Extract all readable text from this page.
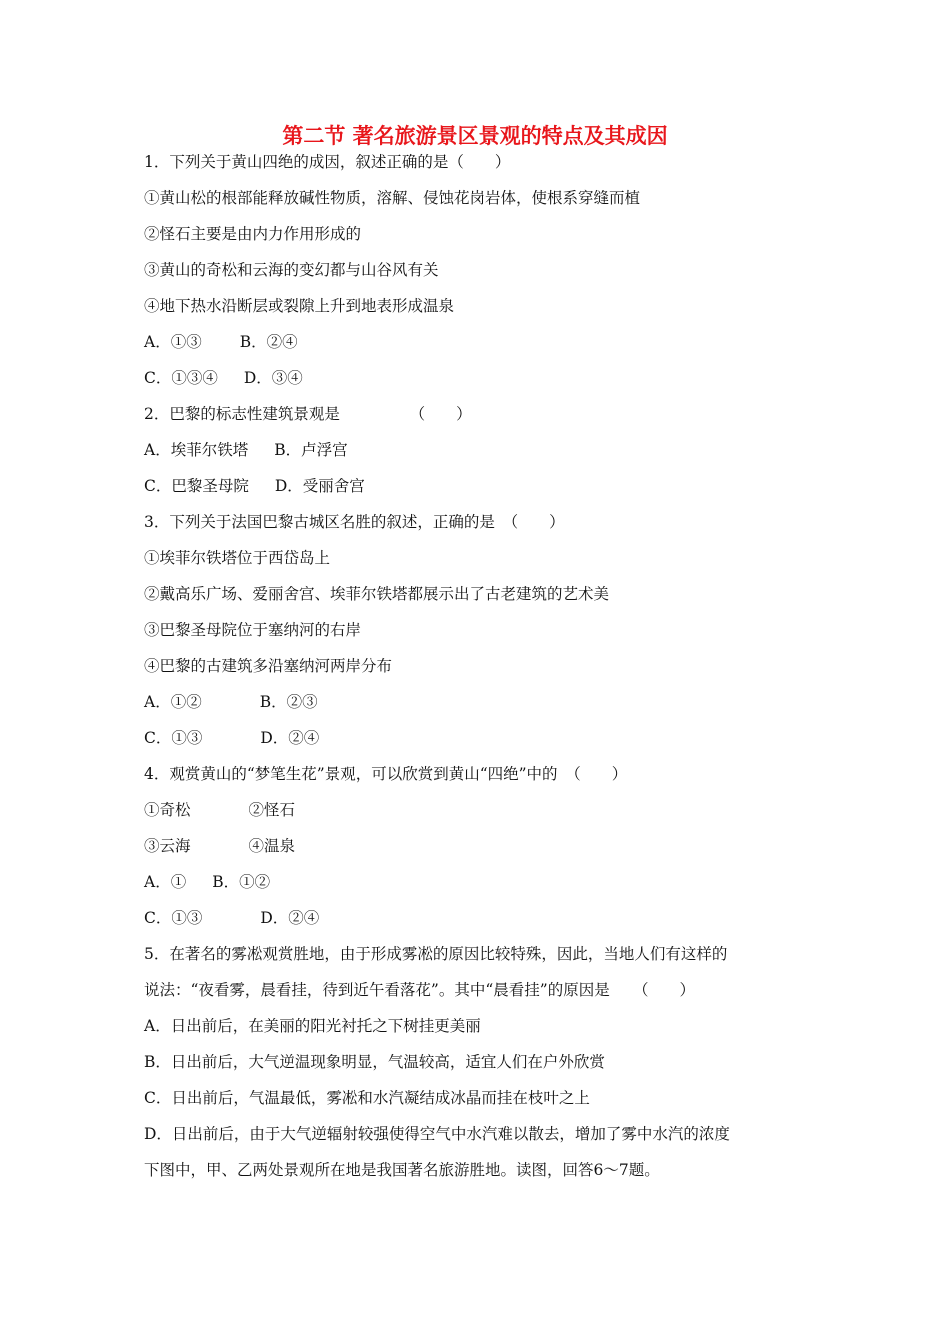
第二节 著名旅游景区景观的特点及其成因
1．下列关于黄山四绝的成因，叙述正确的是（　　）
①黄山松的根部能释放碱性物质，溶解、侵蚀花岗岩体，使根系穿缝而植
②怪石主要是由内力作用形成的
③黄山的奇松和云海的变幻都与山谷风有关
④地下热水沿断层或裂隙上升到地表形成温泉
A．①③ B．②④
C．①③④ D．③④
2．巴黎的标志性建筑景观是　　　　　（　　）
A．埃菲尔铁塔 B．卢浮宫
C．巴黎圣母院 D．受丽舍宫
3．下列关于法国巴黎古城区名胜的叙述，正确的是　（　　）
①埃菲尔铁塔位于西岱岛上
②戴高乐广场、爱丽舍宫、埃菲尔铁塔都展示出了古老建筑的艺术美
③巴黎圣母院位于塞纳河的右岸
④巴黎的古建筑多沿塞纳河两岸分布
A．①②	B．②③
C．①③	D．②④
4．观赏黄山的“梦笔生花”景观，可以欣赏到黄山“四绝”中的　（　　）
①奇松	②怪石
③云海	④温泉
A．① B．①②
C．①③	D．②④
5．在著名的雾凇观赏胜地，由于形成雾凇的原因比较特殊，因此，当地人们有这样的
说法：“夜看雾，晨看挂，待到近午看落花”。其中“晨看挂”的原因是　　（　　）
A．日出前后，在美丽的阳光衬托之下树挂更美丽
B．日出前后，大气逆温现象明显，气温较高，适宜人们在户外欣赏
C．日出前后，气温最低，雾凇和水汽凝结成冰晶而挂在枝叶之上
D．日出前后，由于大气逆辐射较强使得空气中水汽难以散去，增加了雾中水汽的浓度
下图中，甲、乙两处景观所在地是我国著名旅游胜地。读图，回答6～7题。
